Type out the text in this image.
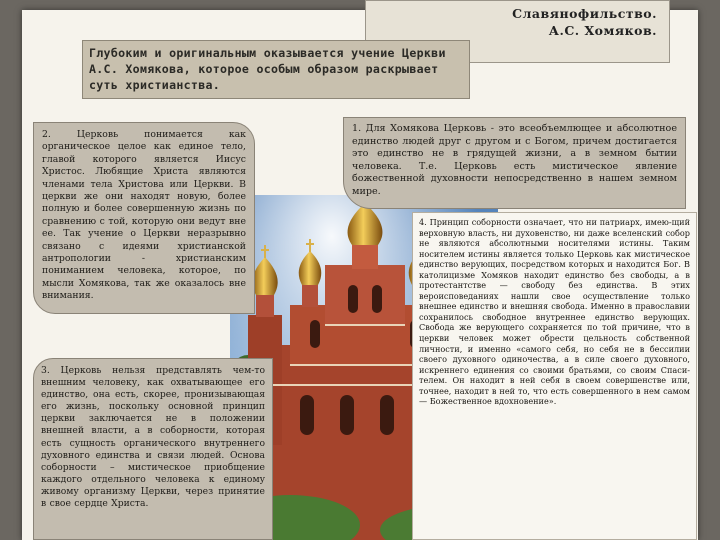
Славянофильство.
А.С. Хомяков.
Глубоким и оригинальным оказывается учение Церкви А.С. Хомякова, которое особым образом раскрывает суть христианства.

2. Церковь понимается как органическое целое как единое тело, главой которого является Иисус Христос. Любящие Христа являются членами тела Христова или Церкви. В церкви же они находят новую, более полную и более совершенную жизнь по сравнению с той, которую они ведут вне ее. Так учение о Церкви неразрывно связано с идеями христианской антропологии - христианским пониманием человека, которое, по мысли Хомякова, так же оказалось вне внимания.

3. Церковь нельзя представлять чем-то внешним человеку, как охватывающее его единство, она есть, скорее, пронизывающая его жизнь, поскольку основной принцип церкви заключается не в положении внешней власти, а в соборности, которая есть сущность органического внутреннего духовного единства и связи людей. Основа соборности – мистическое приобщение каждого отдельного человека к единому живому организму Церкви, через принятие в свое сердце Христа.

1. Для Хомякова Церковь - это всеобъемлющее и абсолютное единство людей друг с другом и с Богом, причем достигается это единство не в грядущей жизни, а в земном бытии человека. Т.е. Церковь есть мистическое явление божественной духовности непосредственно в нашем земном мире.

4. Принцип соборности означает, что ни патриарх, имею-щий верховную власть, ни духовенство, ни даже вселенский собор не являются абсолютными носителями истины. Таким носителем истины является только Церковь как мистическое единство верующих, посредством которых и находится Бог. В католицизме Хомяков находит единство без свободы, а в протестантстве — свободу без единства. В этих вероисповеданиях нашли свое осуществление только внешнее единство и внешняя свобода. Именно в православии сохранилось свободное внутреннее единство верующих. Свобода же верующего сохраняется по той причине, что в церкви человек может обрести цельность собственной личности, и именно «самого себя, но себя не в бессилии своего духовного одиночества, а в силе своего духовного, искреннего единения со своими братьями, со своим Спаси-телем. Он находит в ней себя в своем совершенстве или, точнее, находит в ней то, что есть совершенного в нем самом — Божественное вдохновение».
